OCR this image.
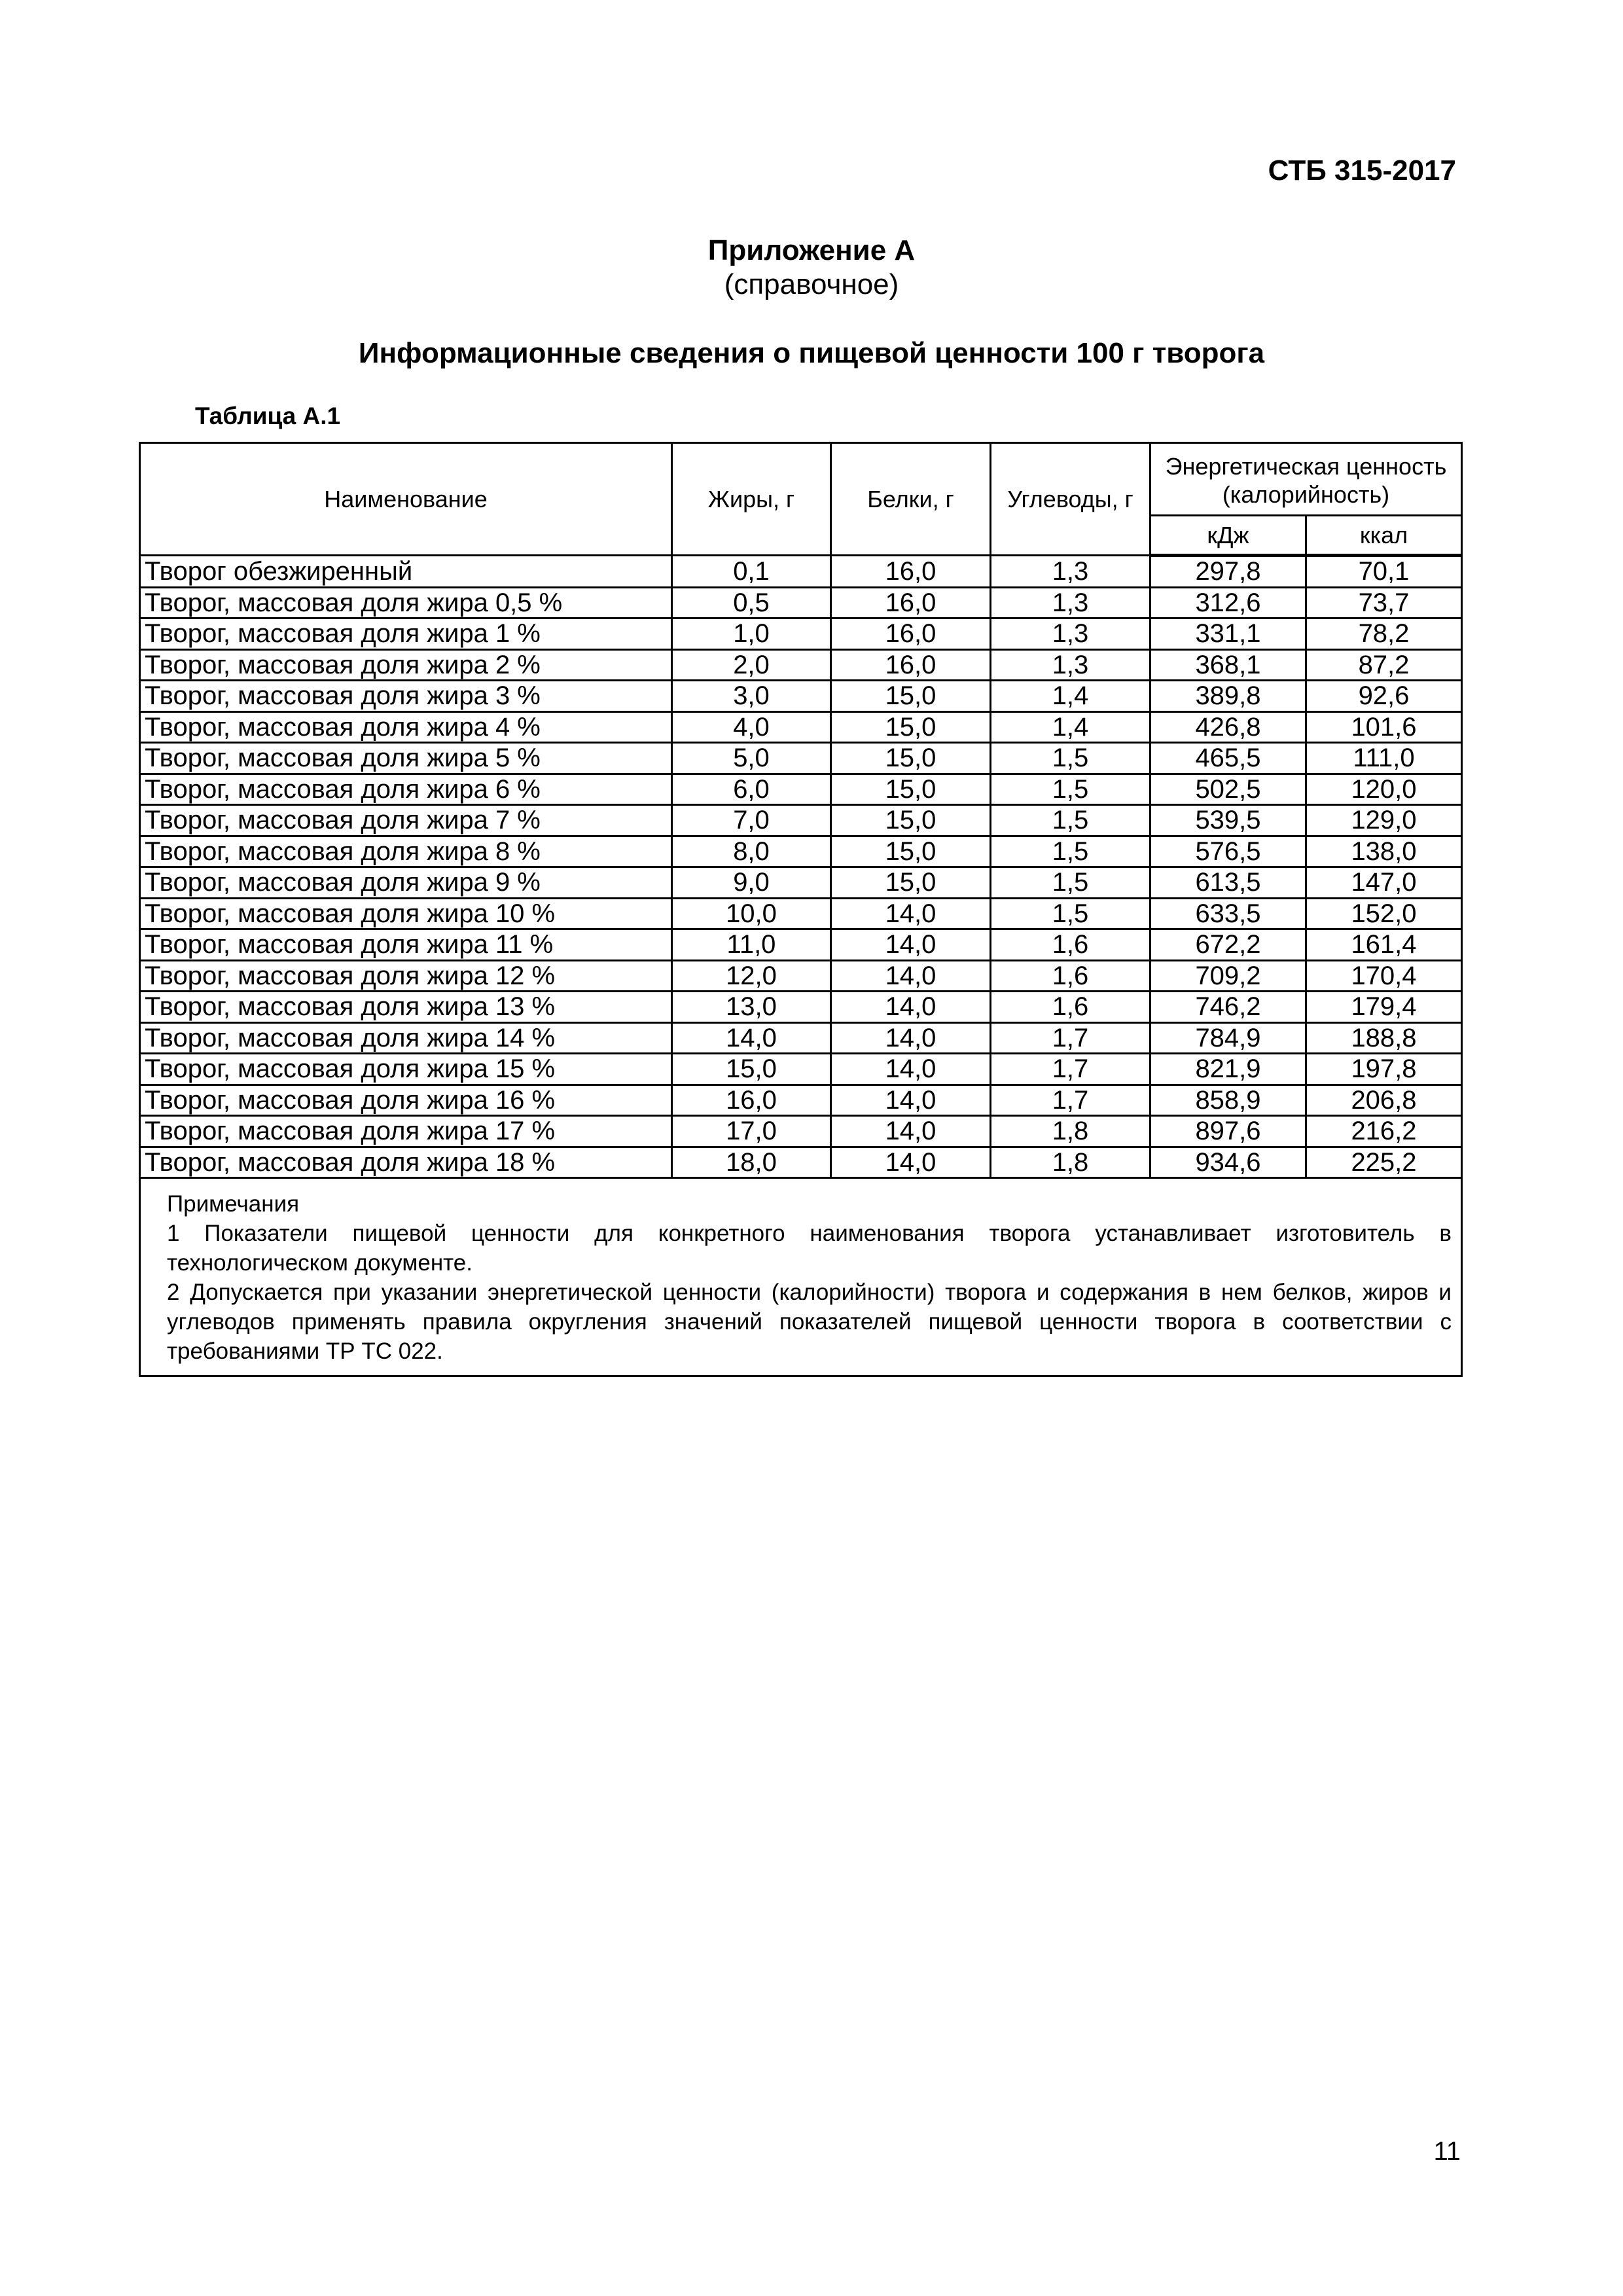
СТБ 315-2017
Приложение А
(справочное)
Информационные сведения о пищевой ценности 100 г творога
Таблица А.1
Наименование	Жиры, г	Белки, г	Углеводы, г	Энергетическая ценность (калорийность)	
				кДж	ккал
Творог обезжиренный	0,1	16,0	1,3	297,8	70,1
Творог, массовая доля жира 0,5 %	0,5	16,0	1,3	312,6	73,7
Творог, массовая доля жира 1 %	1,0	16,0	1,3	331,1	78,2
Творог, массовая доля жира 2 %	2,0	16,0	1,3	368,1	87,2
Творог, массовая доля жира 3 %	3,0	15,0	1,4	389,8	92,6
Творог, массовая доля жира 4 %	4,0	15,0	1,4	426,8	101,6
Творог, массовая доля жира 5 %	5,0	15,0	1,5	465,5	111,0
Творог, массовая доля жира 6 %	6,0	15,0	1,5	502,5	120,0
Творог, массовая доля жира 7 %	7,0	15,0	1,5	539,5	129,0
Творог, массовая доля жира 8 %	8,0	15,0	1,5	576,5	138,0
Творог, массовая доля жира 9 %	9,0	15,0	1,5	613,5	147,0
Творог, массовая доля жира 10 %	10,0	14,0	1,5	633,5	152,0
Творог, массовая доля жира 11 %	11,0	14,0	1,6	672,2	161,4
Творог, массовая доля жира 12 %	12,0	14,0	1,6	709,2	170,4
Творог, массовая доля жира 13 %	13,0	14,0	1,6	746,2	179,4
Творог, массовая доля жира 14 %	14,0	14,0	1,7	784,9	188,8
Творог, массовая доля жира 15 %	15,0	14,0	1,7	821,9	197,8
Творог, массовая доля жира 16 %	16,0	14,0	1,7	858,9	206,8
Творог, массовая доля жира 17 %	17,0	14,0	1,8	897,6	216,2
Творог, массовая доля жира 18 %	18,0	14,0	1,8	934,6	225,2

Примечания
1 Показатели пищевой ценности для конкретного наименования творога устанавливает изготовитель в технологическом документе.
2 Допускается при указании энергетической ценности (калорийности) творога и содержания в нем белков, жиров и углеводов применять правила округления значений показателей пищевой ценности творога в соответствии с требованиями ТР ТС 022.					
11
